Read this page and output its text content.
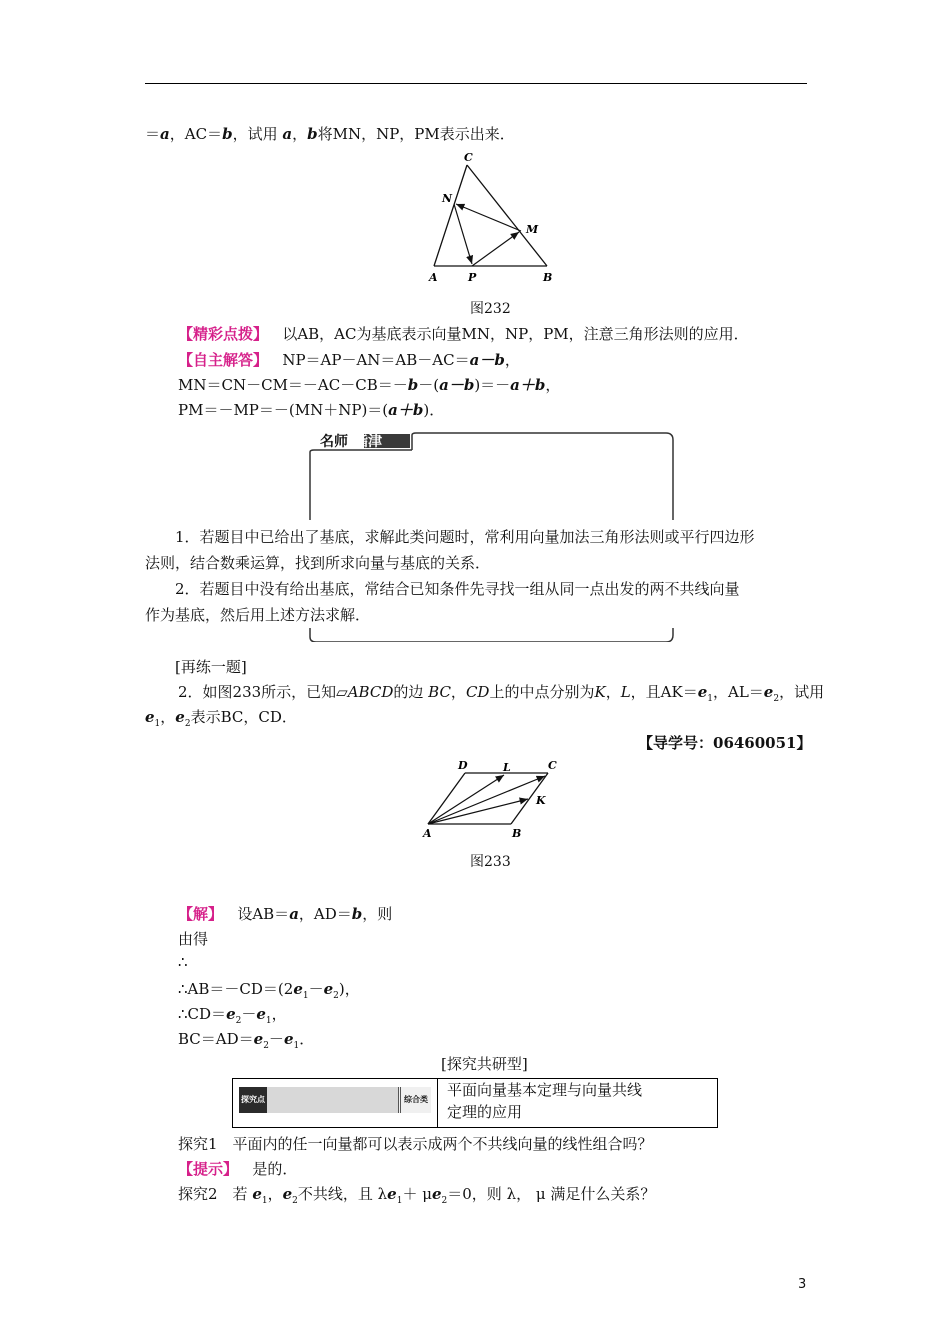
＝a，AC＝b，试用 a，b将MN，NP，PM表示出来．
C
N
M
A	P	B
图232
【精彩点拨】 以AB，AC为基底表示向量MN，NP，PM，注意三角形法则的应用．
【自主解答】 NP＝AP－AN＝AB－AC＝a－b，
MN＝CN－CM＝－AC－CB＝－b－(a－b)＝－a＋b，
PM＝－MP＝－(MN＋NP)＝(a＋b)．
名师 指津

1．若题目中已给出了基底，求解此类问题时，常利用向量加法三角形法则或平行四边形

法则，结合数乘运算，找到所求向量与基底的关系．

2．若题目中没有给出基底，常结合已知条件先寻找一组从同一点出发的两不共线向量

作为基底，然后用上述方法求解．

[再练一题]
2．如图233所示，已知▱ABCD的边 BC，CD上的中点分别为K，L，且$AK=e_1$，$AL=e_2$，试用
$e_1$，$e_2$表示BC，CD．
【导学号：06460051】
D	L	C
K
A	B
图233
【解】 设AB＝a，AD＝b，则
由得
∴
$\therefore AB=-CD=(2e_1-e_2)$，
$\therefore CD=e_2-e_1$，
$BC=AD=e_2-e_1$．
[探究共研型]
探究点	综合类
平面向量基本定理与向量共线
定理的应用
探究1　平面内的任一向量都可以表示成两个不共线向量的线性组合吗？
【提示】 是的．
探究2　若 $e_1$，$e_2$不共线，且 $\lambda e_1+ \mu e_2=0$，则 λ， μ 满足什么关系？
3
